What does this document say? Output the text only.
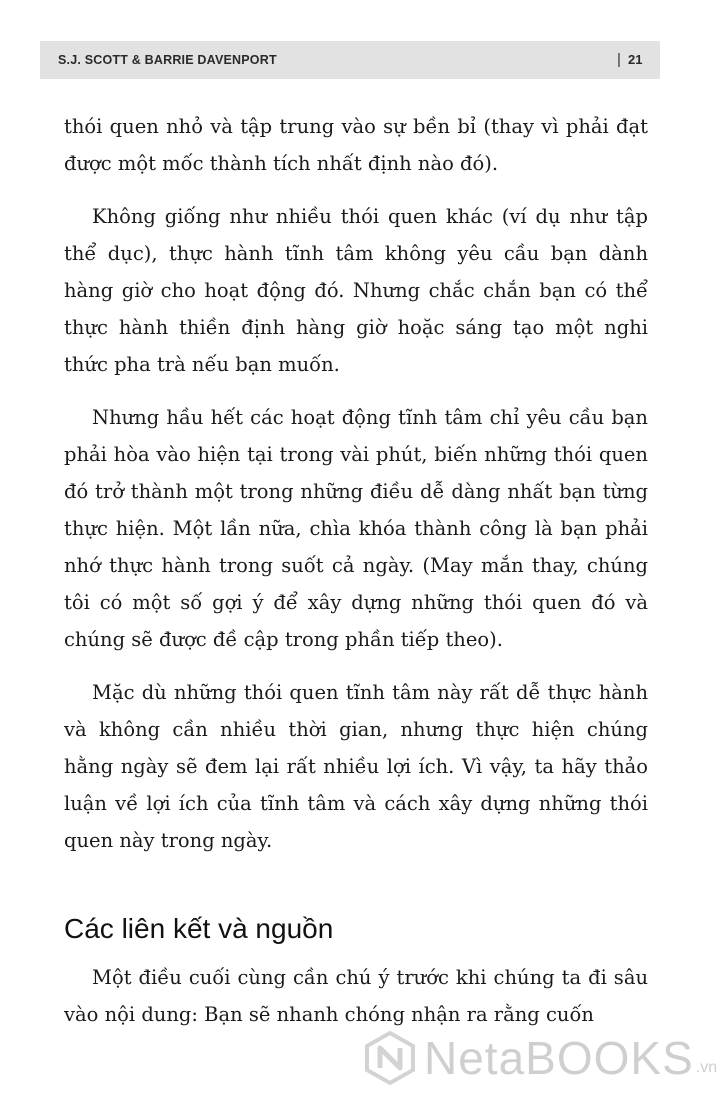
S.J. SCOTT & BARRIE DAVENPORT	| 21

thói quen nhỏ và tập trung vào sự bền bỉ (thay vì phải đạt được một mốc thành tích nhất định nào đó).

Không giống như nhiều thói quen khác (ví dụ như tập thể dục), thực hành tĩnh tâm không yêu cầu bạn dành hàng giờ cho hoạt động đó. Nhưng chắc chắn bạn có thể thực hành thiền định hàng giờ hoặc sáng tạo một nghi thức pha trà nếu bạn muốn.

Nhưng hầu hết các hoạt động tĩnh tâm chỉ yêu cầu bạn phải hòa vào hiện tại trong vài phút, biến những thói quen đó trở thành một trong những điều dễ dàng nhất bạn từng thực hiện. Một lần nữa, chìa khóa thành công là bạn phải nhớ thực hành trong suốt cả ngày. (May mắn thay, chúng tôi có một số gợi ý để xây dựng những thói quen đó và chúng sẽ được đề cập trong phần tiếp theo).

Mặc dù những thói quen tĩnh tâm này rất dễ thực hành và không cần nhiều thời gian, nhưng thực hiện chúng hằng ngày sẽ đem lại rất nhiều lợi ích. Vì vậy, ta hãy thảo luận về lợi ích của tĩnh tâm và cách xây dựng những thói quen này trong ngày.

Các liên kết và nguồn

Một điều cuối cùng cần chú ý trước khi chúng ta đi sâu vào nội dung: Bạn sẽ nhanh chóng nhận ra rằng cuốn

NetaBOOKS .vn
